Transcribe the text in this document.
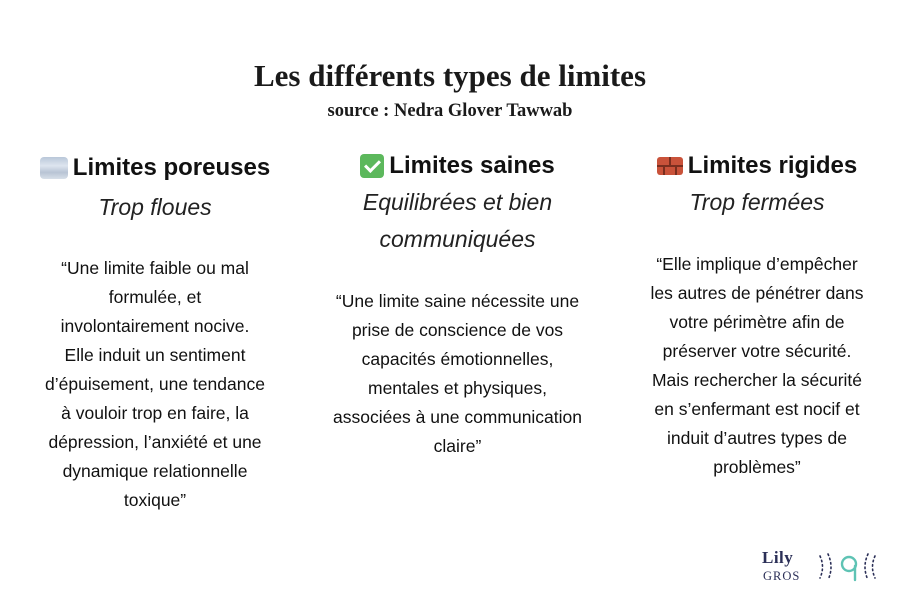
Les différents types de limites
source : Nedra Glover Tawwab
Limites poreuses
Trop floues
“Une limite faible ou mal
formulée, et
involontairement nocive.
Elle induit un sentiment
d’épuisement, une tendance
à vouloir trop en faire, la
dépression, l’anxiété et une
dynamique relationnelle
toxique”
Limites saines
Equilibrées et bien
communiquées
“Une limite saine nécessite une
prise de conscience de vos
capacités émotionnelles,
mentales et physiques,
associées à une communication
claire”
Limites rigides
Trop fermées
“Elle implique d’empêcher
les autres de pénétrer dans
votre périmètre afin de
préserver votre sécurité.
Mais rechercher la sécurité
en s’enfermant est nocif et
induit d’autres types de
problèmes”
Lily
GROS
